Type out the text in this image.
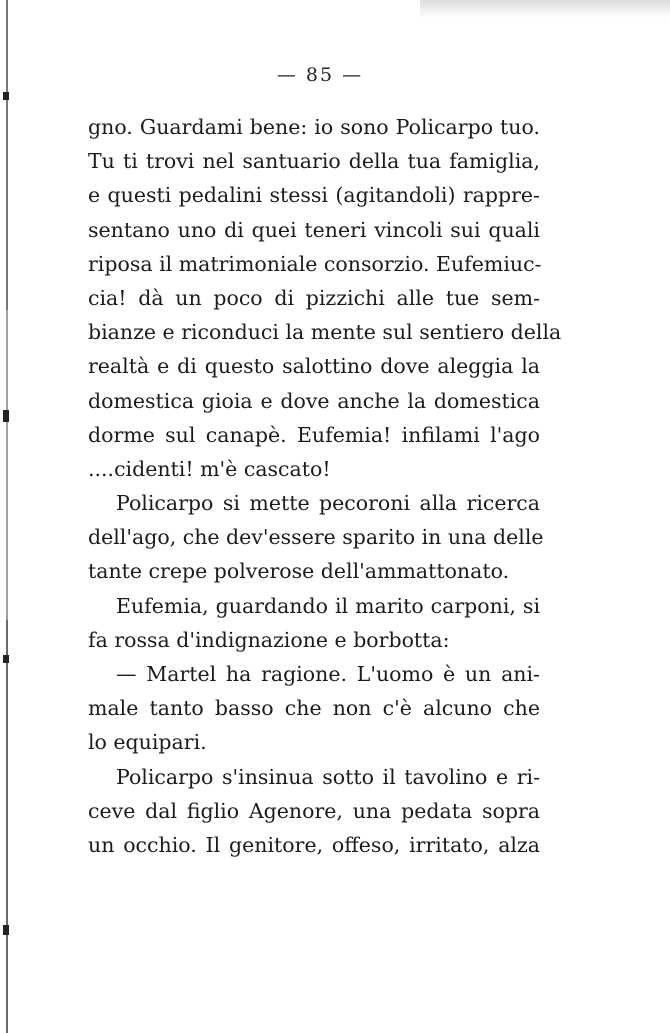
— 85 —
gno. Guardami bene: io sono Policarpo tuo.
Tu ti trovi nel santuario della tua famiglia,
e questi pedalini stessi (agitandoli) rappre-
sentano uno di quei teneri vincoli sui quali
riposa il matrimoniale consorzio. Eufemiuc-
cia! dà un poco di pizzichi alle tue sem-
bianze e riconduci la mente sul sentiero della
realtà e di questo salottino dove aleggia la
domestica gioia e dove anche la domestica
dorme sul canapè. Eufemia! infilami l'ago
....cidenti! m'è cascato!
Policarpo si mette pecoroni alla ricerca
dell'ago, che dev'essere sparito in una delle
tante crepe polverose dell'ammattonato.
Eufemia, guardando il marito carponi, si
fa rossa d'indignazione e borbotta:
— Martel ha ragione. L'uomo è un ani-
male tanto basso che non c'è alcuno che
lo equipari.
Policarpo s'insinua sotto il tavolino e ri-
ceve dal figlio Agenore, una pedata sopra
un occhio. Il genitore, offeso, irritato, alza
